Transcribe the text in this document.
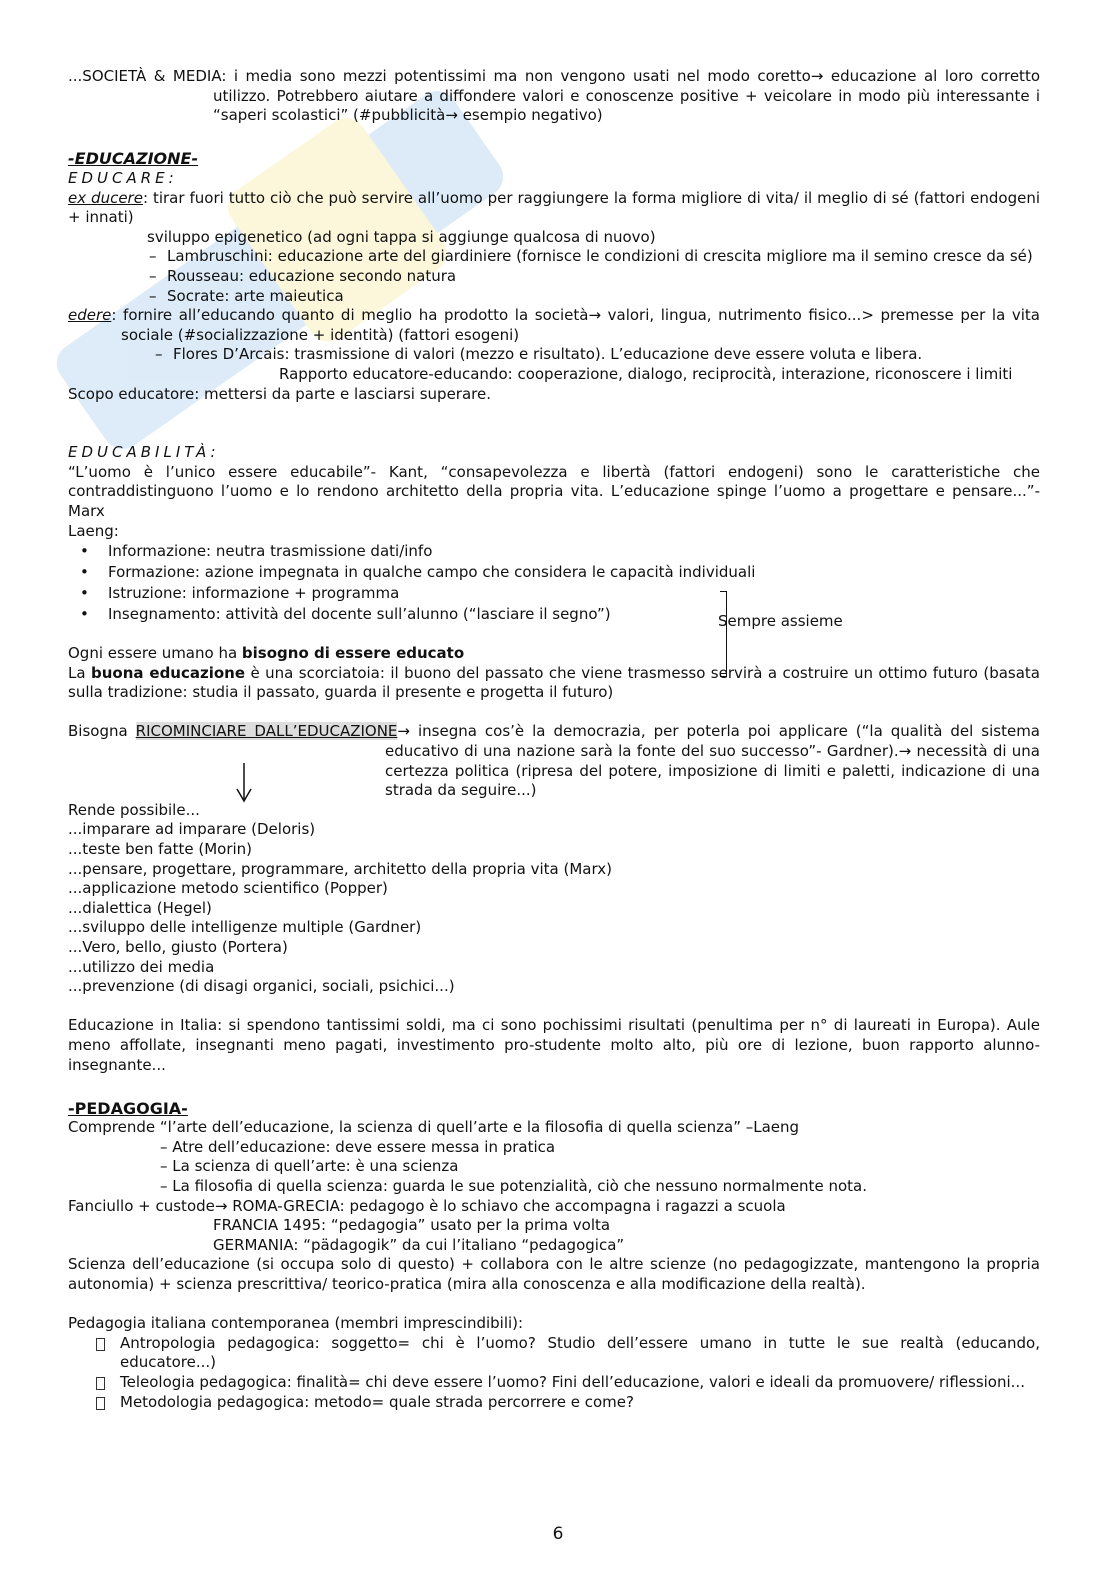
...SOCIETÀ & MEDIA: i media sono mezzi potentissimi ma non vengono usati nel modo coretto→ educazione al loro corretto utilizzo. Potrebbero aiutare a diffondere valori e conoscenze positive + veicolare in modo più interessante i “saperi scolastici” (#pubblicità→ esempio negativo)
-EDUCAZIONE-
EDUCARE:
ex ducere: tirar fuori tutto ciò che può servire all’uomo per raggiungere la forma migliore di vita/ il meglio di sé (fattori endogeni + innati)
sviluppo epigenetico (ad ogni tappa si aggiunge qualcosa di nuovo)
– Lambruschini: educazione arte del giardiniere (fornisce le condizioni di crescita migliore ma il semino cresce da sé)
– Rousseau: educazione secondo natura
– Socrate: arte maieutica
edere: fornire all’educando quanto di meglio ha prodotto la società→ valori, lingua, nutrimento fisico...> premesse per la vita sociale (#socializzazione + identità) (fattori esogeni)
– Flores D’Arcais: trasmissione di valori (mezzo e risultato). L’educazione deve essere voluta e libera.
Rapporto educatore-educando: cooperazione, dialogo, reciprocità, interazione, riconoscere i limiti
Scopo educatore: mettersi da parte e lasciarsi superare.
EDUCABILITÀ:
“L’uomo è l’unico essere educabile”- Kant, “consapevolezza e libertà (fattori endogeni) sono le caratteristiche che contraddistinguono l’uomo e lo rendono architetto della propria vita. L’educazione spinge l’uomo a progettare e pensare...”- Marx
Laeng:
• Informazione: neutra trasmissione dati/info
• Formazione: azione impegnata in qualche campo che considera le capacità individuali
• Istruzione: informazione + programma
• Insegnamento: attività del docente sull’alunno (“lasciare il segno”)
Ogni essere umano ha bisogno di essere educato
La buona educazione è una scorciatoia: il buono del passato che viene trasmesso servirà a costruire un ottimo futuro (basata sulla tradizione: studia il passato, guarda il presente e progetta il futuro)
Bisogna RICOMINCIARE DALL’EDUCAZIONE→ insegna cos’è la democrazia, per poterla poi applicare (“la qualità del sistema educativo di una nazione sarà la fonte del suo successo”- Gardner).→ necessità di una certezza politica (ripresa del potere, imposizione di limiti e paletti, indicazione di una strada da seguire...)
Rende possibile...
...imparare ad imparare (Deloris)
...teste ben fatte (Morin)
...pensare, progettare, programmare, architetto della propria vita (Marx)
...applicazione metodo scientifico (Popper)
...dialettica (Hegel)
...sviluppo delle intelligenze multiple (Gardner)
...Vero, bello, giusto (Portera)
...utilizzo dei media
...prevenzione (di disagi organici, sociali, psichici...)
Educazione in Italia: si spendono tantissimi soldi, ma ci sono pochissimi risultati (penultima per n° di laureati in Europa). Aule meno affollate, insegnanti meno pagati, investimento pro-studente molto alto, più ore di lezione, buon rapporto alunno-insegnante...
-PEDAGOGIA-
Comprende “l’arte dell’educazione, la scienza di quell’arte e la filosofia di quella scienza” –Laeng
– Atre dell’educazione: deve essere messa in pratica
– La scienza di quell’arte: è una scienza
– La filosofia di quella scienza: guarda le sue potenzialità, ciò che nessuno normalmente nota.
Fanciullo + custode→ ROMA-GRECIA: pedagogo è lo schiavo che accompagna i ragazzi a scuola
FRANCIA 1495: “pedagogia” usato per la prima volta
GERMANIA: “pädagogik” da cui l’italiano “pedagogica”
Scienza dell’educazione (si occupa solo di questo) + collabora con le altre scienze (no pedagogizzate, mantengono la propria autonomia) + scienza prescrittiva/ teorico-pratica (mira alla conoscenza e alla modificazione della realtà).
Pedagogia italiana contemporanea (membri imprescindibili):
Antropologia pedagogica: soggetto= chi è l’uomo? Studio dell’essere umano in tutte le sue realtà (educando, educatore...)
Teleologia pedagogica: finalità= chi deve essere l’uomo? Fini dell’educazione, valori e ideali da promuovere/ riflessioni...
Metodologia pedagogica: metodo= quale strada percorrere e come?
Sempre assieme
6
